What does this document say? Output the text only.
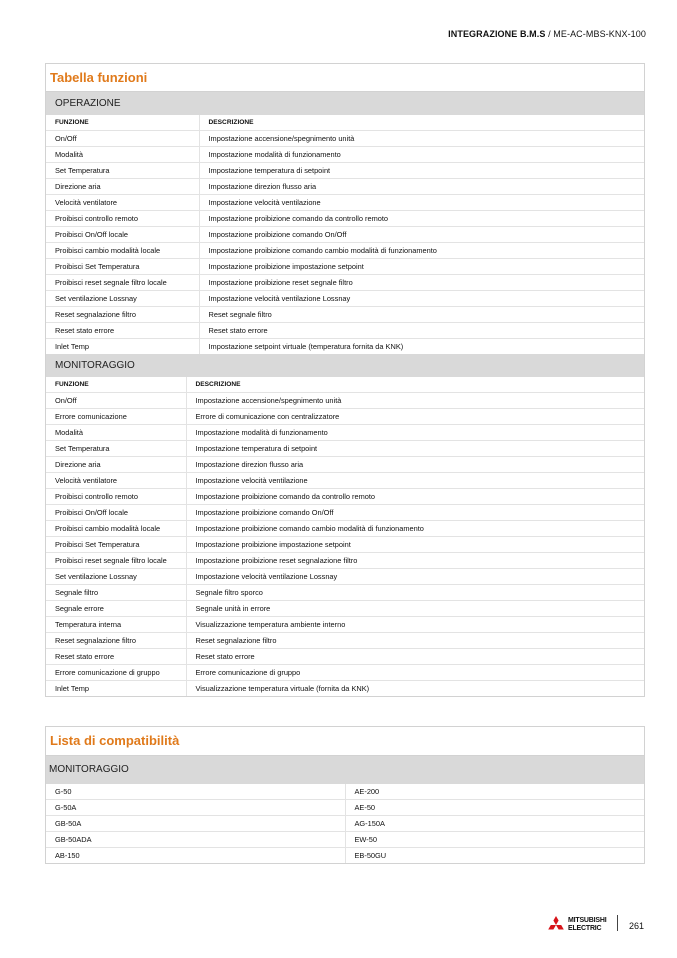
INTEGRAZIONE B.M.S / ME-AC-MBS-KNX-100
Tabella funzioni
OPERAZIONE
FUNZIONE	DESCRIZIONE
On/Off	Impostazione accensione/spegnimento unità
Modalità	Impostazione modalità di funzionamento
Set Temperatura	Impostazione temperatura di setpoint
Direzione aria	Impostazione direzion flusso aria
Velocità ventilatore	Impostazione velocità ventilazione
Proibisci controllo remoto	Impostazione proibizione comando da controllo remoto
Proibisci On/Off locale	Impostazione proibizione comando On/Off
Proibisci cambio modalità locale	Impostazione proibizione comando cambio modalità di funzionamento
Proibisci Set Temperatura	Impostazione proibizione impostazione setpoint
Proibisci reset segnale filtro locale	Impostazione proibizione reset segnale filtro
Set ventilazione Lossnay	Impostazione velocità ventilazione Lossnay
Reset segnalazione filtro	Reset segnale filtro
Reset stato errore	Reset stato errore
Inlet Temp	Impostazione setpoint virtuale (temperatura fornita da KNK)
MONITORAGGIO
FUNZIONE	DESCRIZIONE
On/Off	Impostazione accensione/spegnimento unità
Errore comunicazione	Errore di comunicazione con centralizzatore
Modalità	Impostazione modalità di funzionamento
Set Temperatura	Impostazione temperatura di setpoint
Direzione aria	Impostazione direzion flusso aria
Velocità ventilatore	Impostazione velocità ventilazione
Proibisci controllo remoto	Impostazione proibizione comando da controllo remoto
Proibisci On/Off locale	Impostazione proibizione comando On/Off
Proibisci cambio modalità locale	Impostazione proibizione comando cambio modalità di funzionamento
Proibisci Set Temperatura	Impostazione proibizione impostazione setpoint
Proibisci reset segnale filtro locale	Impostazione proibizione reset segnalazione filtro
Set ventilazione Lossnay	Impostazione velocità ventilazione Lossnay
Segnale filtro	Segnale filtro sporco
Segnale errore	Segnale unità in errore
Temperatura interna	Visualizzazione temperatura ambiente interno
Reset segnalazione filtro	Reset segnalazione filtro
Reset stato errore	Reset stato errore
Errore comunicazione di gruppo	Errore comunicazione di gruppo
Inlet Temp	Visualizzazione temperatura virtuale (fornita da KNK)
Lista di compatibilità
MONITORAGGIO
G-50	AE-200
G-50A	AE-50
GB-50A	AG-150A
GB-50ADA	EW-50
AB-150	EB-50GU
MITSUBISHI
ELECTRIC	261
